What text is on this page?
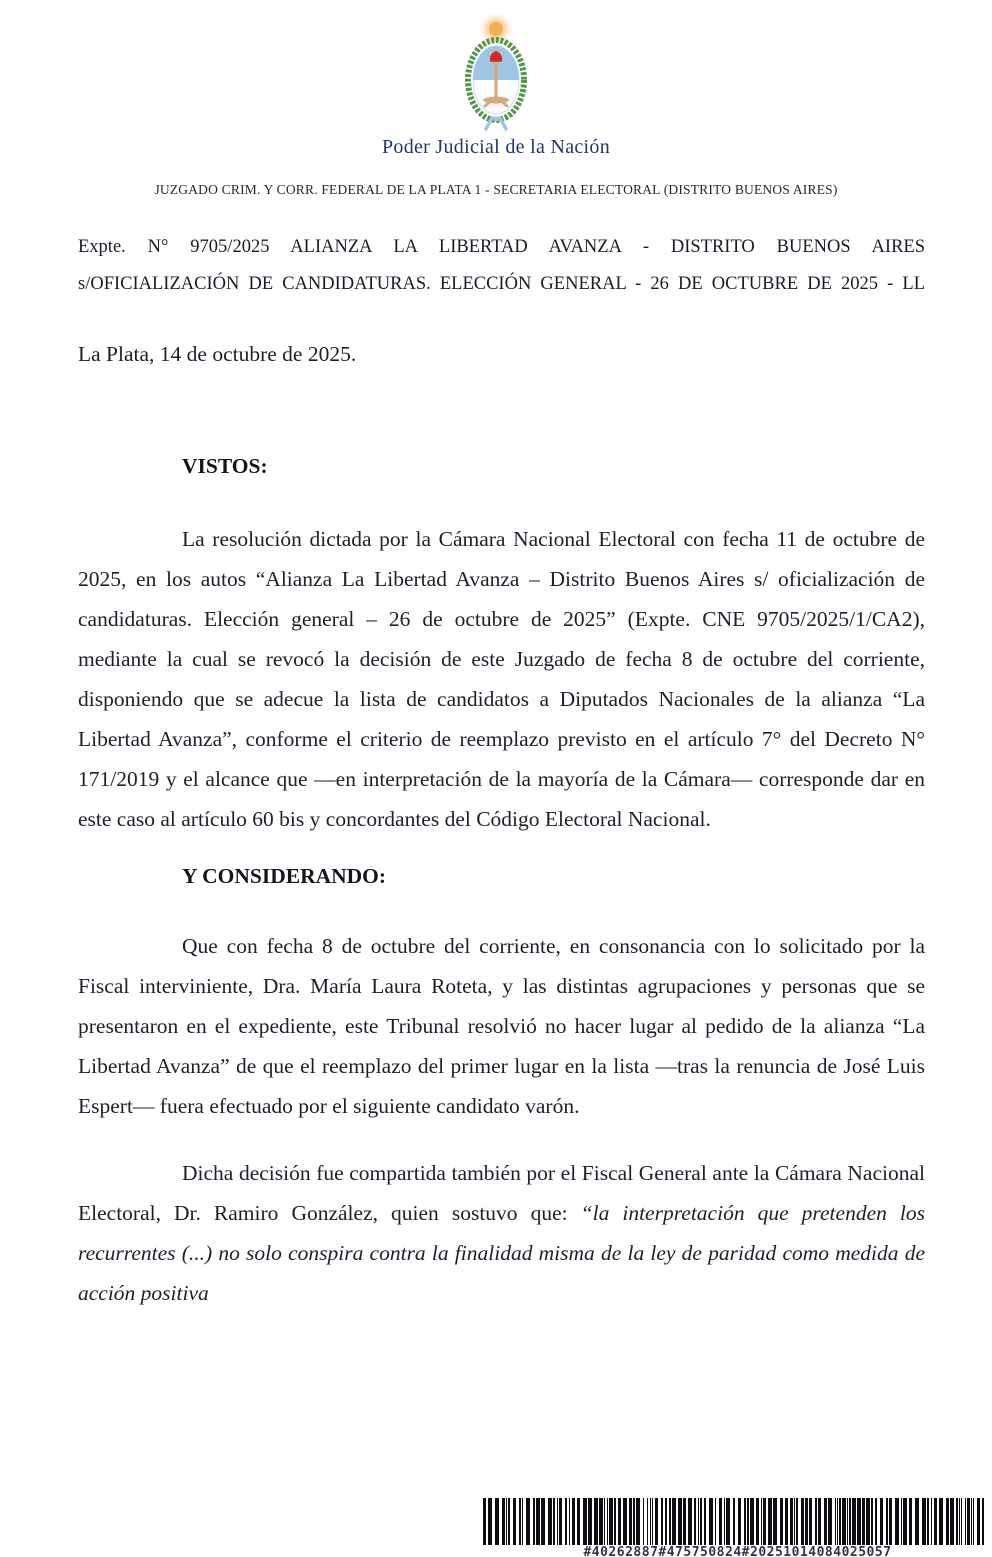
Poder Judicial de la Nación
JUZGADO CRIM. Y CORR. FEDERAL DE LA PLATA 1 - SECRETARIA ELECTORAL (DISTRITO BUENOS AIRES)
Expte. N° 9705/2025 ALIANZA LA LIBERTAD AVANZA - DISTRITO BUENOS AIRES
s/OFICIALIZACIÓN DE CANDIDATURAS. ELECCIÓN GENERAL - 26 DE OCTUBRE DE 2025 - LL
La Plata, 14 de octubre de 2025.
VISTOS:
La resolución dictada por la Cámara Nacional Electoral con fecha 11 de octubre de 2025, en los autos “Alianza La Libertad Avanza – Distrito Buenos Aires s/ oficialización de candidaturas. Elección general – 26 de octubre de 2025” (Expte. CNE 9705/2025/1/CA2), mediante la cual se revocó la decisión de este Juzgado de fecha 8 de octubre del corriente, disponiendo que se adecue la lista de candidatos a Diputados Nacionales de la alianza “La Libertad Avanza”, conforme el criterio de reemplazo previsto en el artículo 7° del Decreto N° 171/2019 y el alcance que —en interpretación de la mayoría de la Cámara— corresponde dar en este caso al artículo 60 bis y concordantes del Código Electoral Nacional.
Y CONSIDERANDO:
Que con fecha 8 de octubre del corriente, en consonancia con lo solicitado por la Fiscal interviniente, Dra. María Laura Roteta, y las distintas agrupaciones y personas que se presentaron en el expediente, este Tribunal resolvió no hacer lugar al pedido de la alianza “La Libertad Avanza” de que el reemplazo del primer lugar en la lista —tras la renuncia de José Luis Espert— fuera efectuado por el siguiente candidato varón.
Dicha decisión fue compartida también por el Fiscal General ante la Cámara Nacional Electoral, Dr. Ramiro González, quien sostuvo que: “la interpretación que pretenden los recurrentes (...) no solo conspira contra la finalidad misma de la ley de paridad como medida de acción positiva
#40262887#475750824#20251014084025057
